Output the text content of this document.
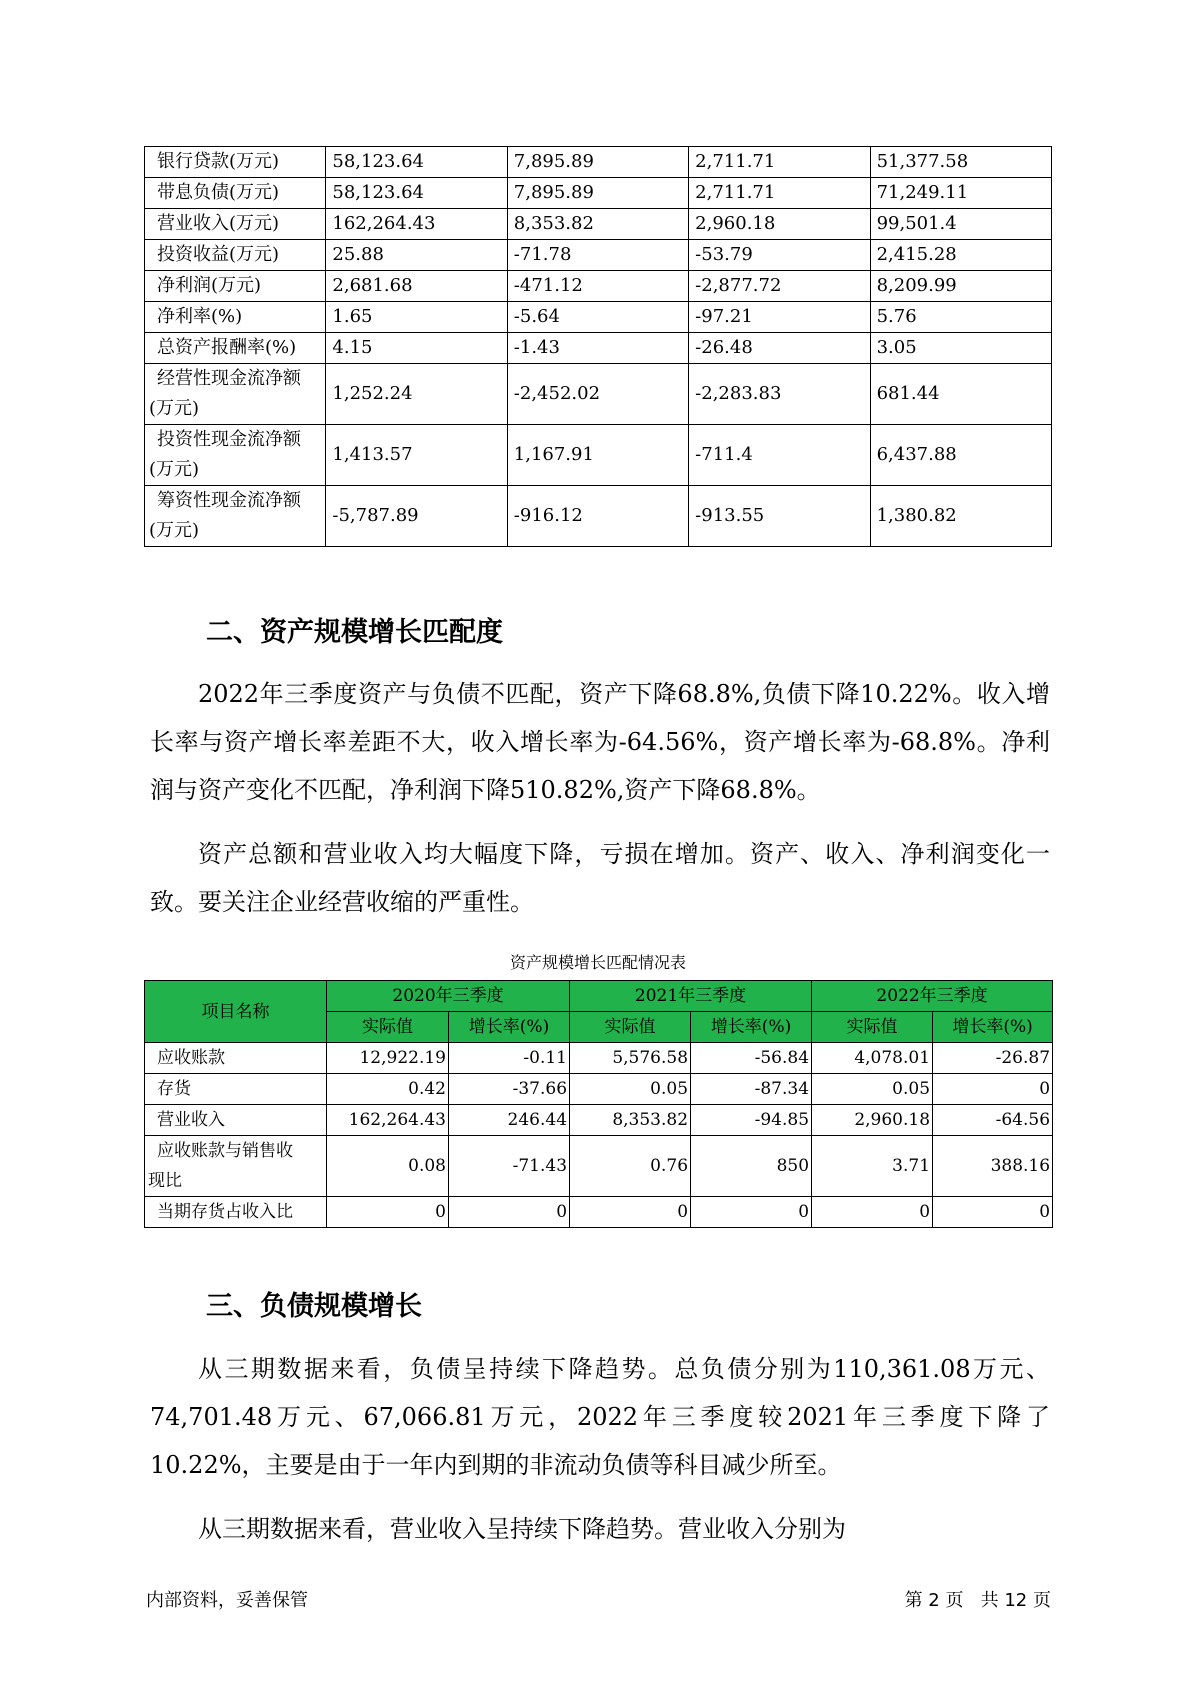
银行贷款(万元)	58,123.64	7,895.89	2,711.71	51,377.58
带息负债(万元)	58,123.64	7,895.89	2,711.71	71,249.11
营业收入(万元)	162,264.43	8,353.82	2,960.18	99,501.4
投资收益(万元)	25.88	-71.78	-53.79	2,415.28
净利润(万元)	2,681.68	-471.12	-2,877.72	8,209.99
净利率(%)	1.65	-5.64	-97.21	5.76
总资产报酬率(%)	4.15	-1.43	-26.48	3.05

经营性现金流净额
(万元)	1,252.24	-2,452.02	-2,283.83	681.44

投资性现金流净额
(万元)	1,413.57	1,167.91	-711.4	6,437.88

筹资性现金流净额
(万元)	-5,787.89	-916.12	-913.55	1,380.82
二、资产规模增长匹配度

2022年三季度资产与负债不匹配，资产下降68.8%,负债下降10.22%。收入增长率与资产增长率差距不大，收入增长率为-64.56%，资产增长率为-68.8%。净利润与资产变化不匹配，净利润下降510.82%,资产下降68.8%。

资产总额和营业收入均大幅度下降，亏损在增加。资产、收入、净利润变化一致。要关注企业经营收缩的严重性。

资产规模增长匹配情况表
项目名称	2020年三季度		2021年三季度		2022年三季度	
	实际值	增长率(%)	实际值	增长率(%)	实际值	增长率(%)
应收账款	12,922.19	-0.11	5,576.58	-56.84	4,078.01	-26.87
存货	0.42	-37.66	0.05	-87.34	0.05	0
营业收入	162,264.43	246.44	8,353.82	-94.85	2,960.18	-64.56

应收账款与销售收
现比	0.08	-71.43	0.76	850	3.71	388.16
当期存货占收入比	0	0	0	0	0	0
三、负债规模增长

从三期数据来看，负债呈持续下降趋势。总负债分别为110,361.08万元、74,701.48万元、67,066.81万元，2022年三季度较2021年三季度下降了10.22%，主要是由于一年内到期的非流动负债等科目减少所至。

从三期数据来看，营业收入呈持续下降趋势。营业收入分别为

内部资料，妥善保管	第 2 页   共 12 页
